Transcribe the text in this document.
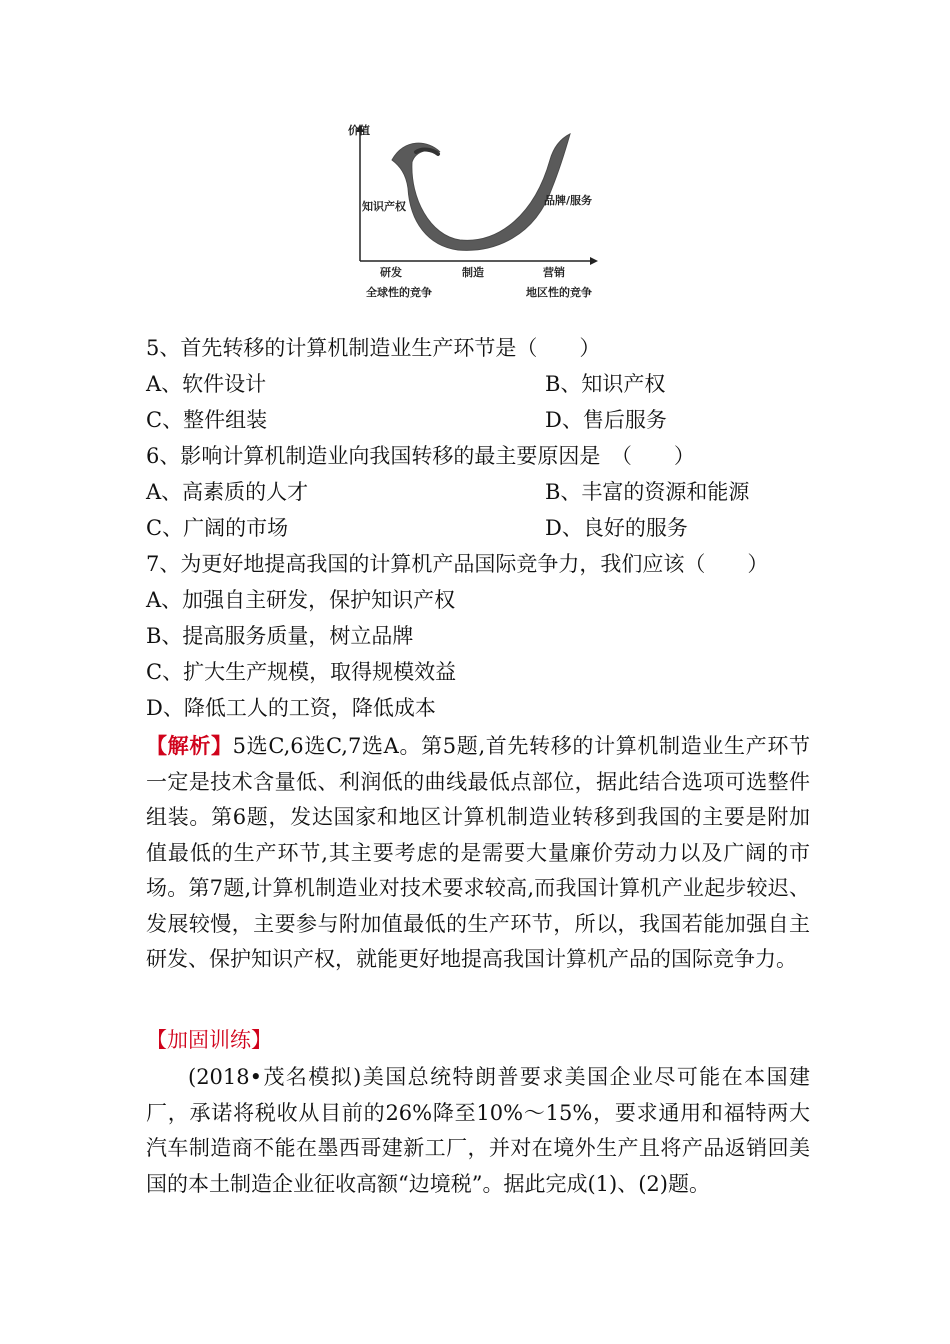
价值
知识产权	品牌/服务
研发	制造	营销
全球性的竞争	地区性的竞争
5、首先转移的计算机制造业生产环节是（　　）
A、软件设计	B、知识产权
C、整件组装	D、售后服务
6、影响计算机制造业向我国转移的最主要原因是　（　　）
A、高素质的人才	B、丰富的资源和能源
C、广阔的市场	D、良好的服务
7、为更好地提高我国的计算机产品国际竞争力，我们应该（　　）
A、加强自主研发，保护知识产权
B、提高服务质量，树立品牌
C、扩大生产规模，取得规模效益
D、降低工人的工资，降低成本
【解析】5选C,6选C,7选A。第5题,首先转移的计算机制造业生产环节一定是技术含量低、利润低的曲线最低点部位，据此结合选项可选整件组装。第6题，发达国家和地区计算机制造业转移到我国的主要是附加值最低的生产环节,其主要考虑的是需要大量廉价劳动力以及广阔的市场。第7题,计算机制造业对技术要求较高,而我国计算机产业起步较迟、发展较慢，主要参与附加值最低的生产环节，所以，我国若能加强自主研发、保护知识产权，就能更好地提高我国计算机产品的国际竞争力。
【加固训练】
(2018•茂名模拟)美国总统特朗普要求美国企业尽可能在本国建厂，承诺将税收从目前的26%降至10%～15%，要求通用和福特两大汽车制造商不能在墨西哥建新工厂，并对在境外生产且将产品返销回美国的本土制造企业征收高额“边境税”。据此完成(1)、(2)题。
